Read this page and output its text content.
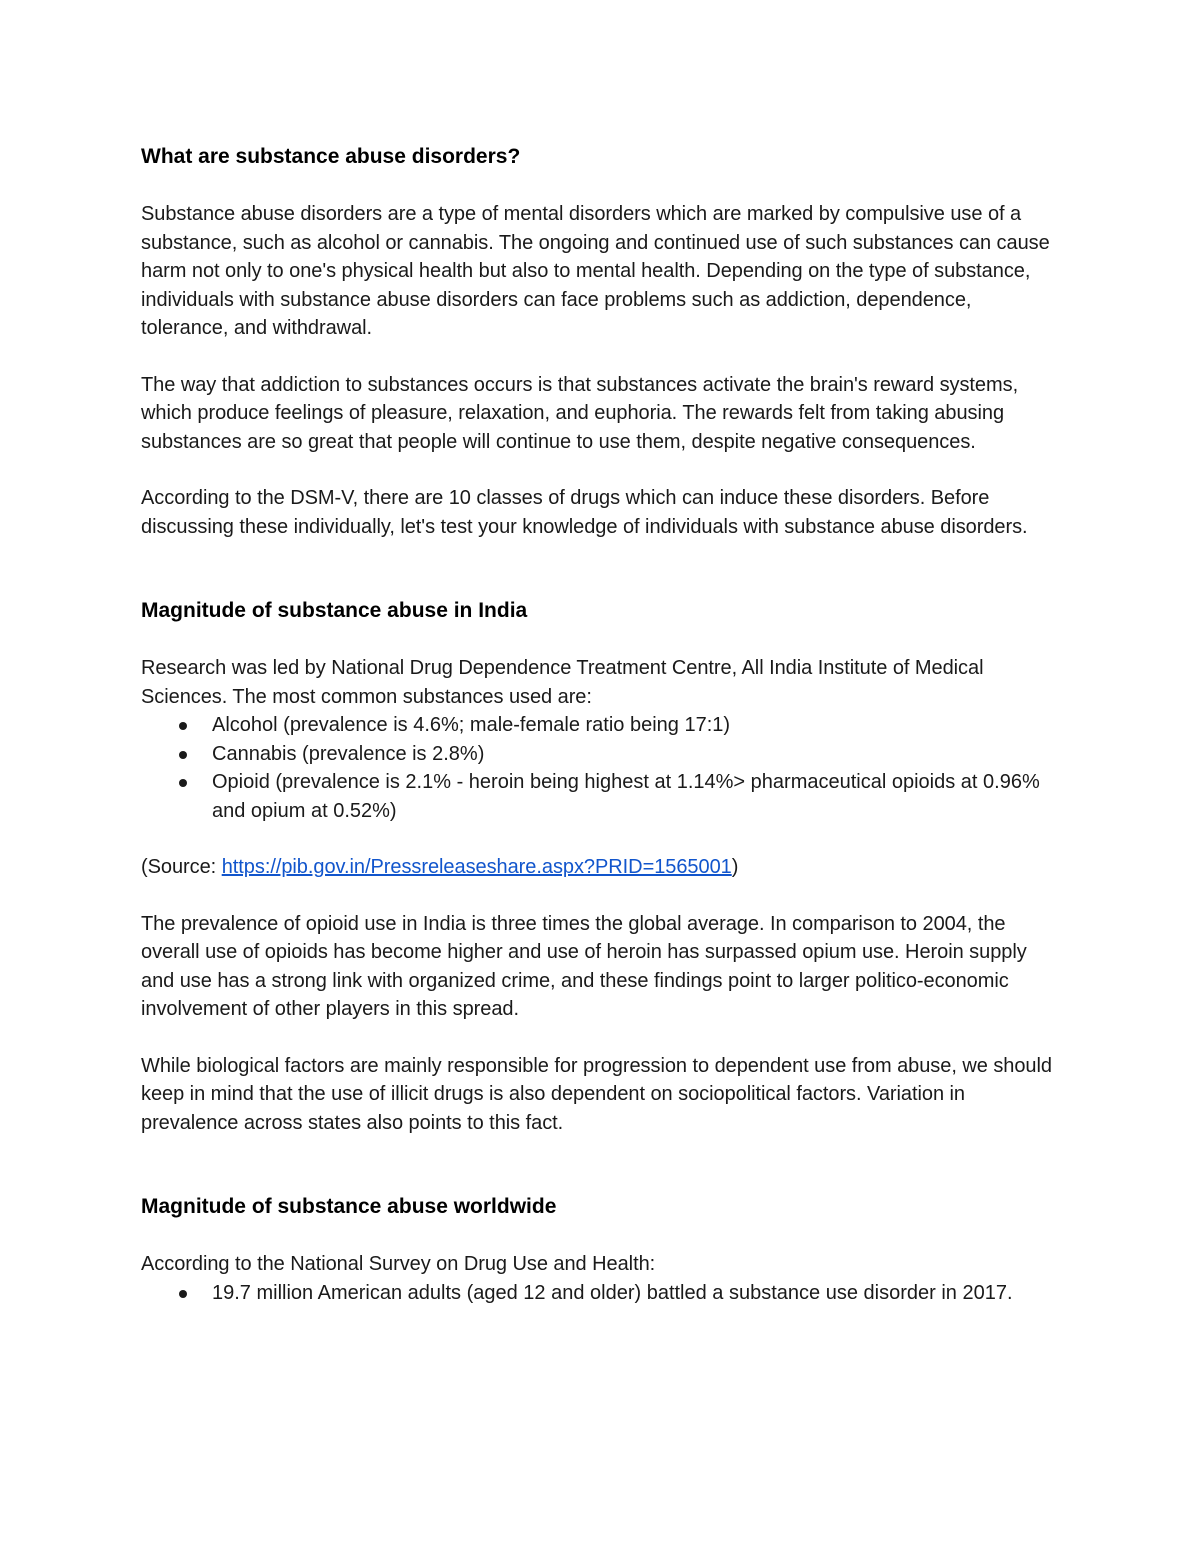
What are substance abuse disorders?

Substance abuse disorders are a type of mental disorders which are marked by compulsive use of a substance, such as alcohol or cannabis. The ongoing and continued use of such substances can cause harm not only to one's physical health but also to mental health. Depending on the type of substance, individuals with substance abuse disorders can face problems such as addiction, dependence, tolerance, and withdrawal.

The way that addiction to substances occurs is that substances activate the brain's reward systems, which produce feelings of pleasure, relaxation, and euphoria. The rewards felt from taking abusing substances are so great that people will continue to use them, despite negative consequences.

According to the DSM-V, there are 10 classes of drugs which can induce these disorders. Before discussing these individually, let's test your knowledge of individuals with substance abuse disorders.

Magnitude of substance abuse in India

Research was led by National Drug Dependence Treatment Centre, All India Institute of Medical Sciences. The most common substances used are:

Alcohol (prevalence is 4.6%; male-female ratio being 17:1)
Cannabis (prevalence is 2.8%)
Opioid (prevalence is 2.1% - heroin being highest at 1.14%> pharmaceutical opioids at 0.96% and opium at 0.52%)

(Source: https://pib.gov.in/Pressreleaseshare.aspx?PRID=1565001)

The prevalence of opioid use in India is three times the global average. In comparison to 2004, the overall use of opioids has become higher and use of heroin has surpassed opium use. Heroin supply and use has a strong link with organized crime, and these findings point to larger politico-economic involvement of other players in this spread.

While biological factors are mainly responsible for progression to dependent use from abuse, we should keep in mind that the use of illicit drugs is also dependent on sociopolitical factors. Variation in prevalence across states also points to this fact.

Magnitude of substance abuse worldwide

According to the National Survey on Drug Use and Health:

19.7 million American adults (aged 12 and older) battled a substance use disorder in 2017.
